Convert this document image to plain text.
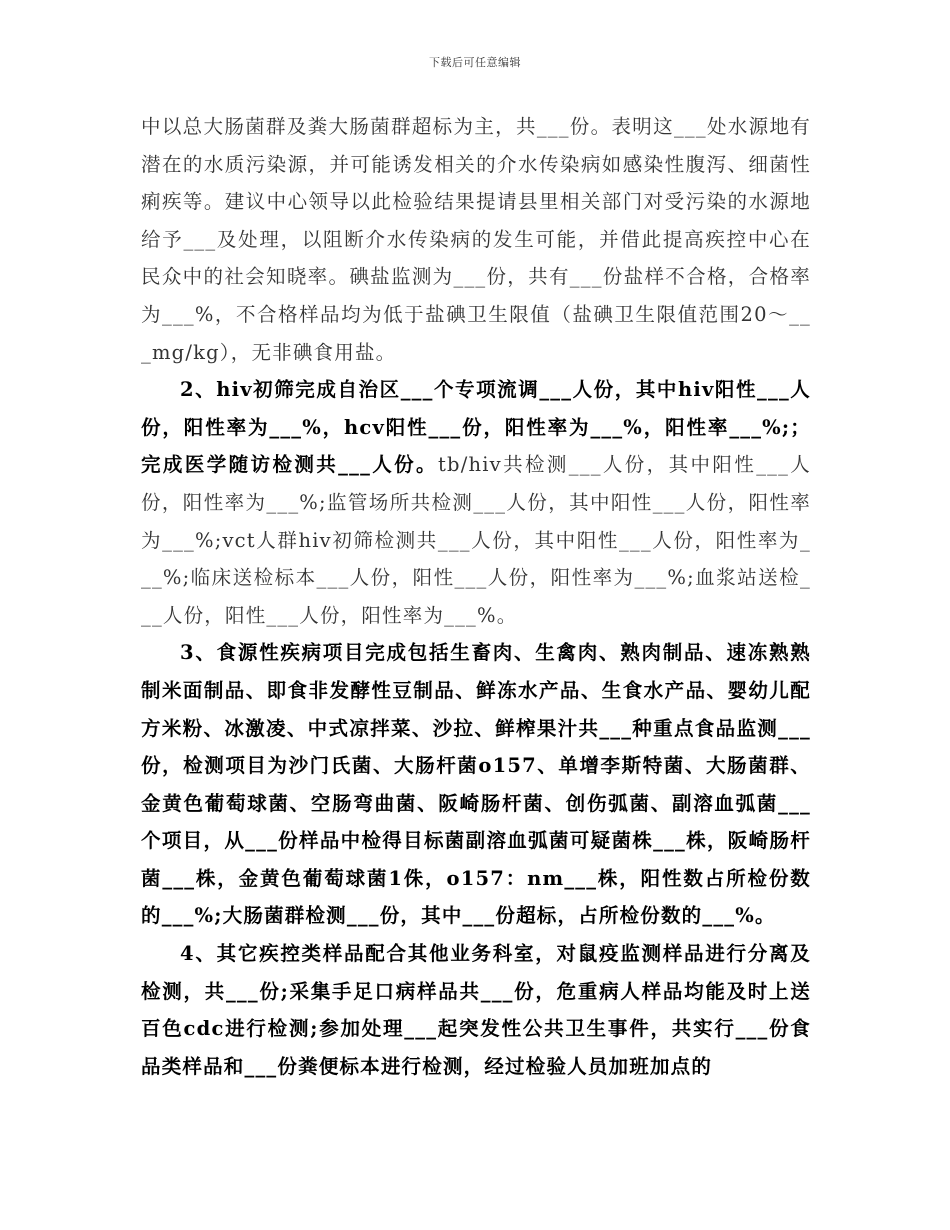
下载后可任意编辑

中以总大肠菌群及粪大肠菌群超标为主，共___份。表明这___处水源地有潜在的水质污染源，并可能诱发相关的介水传染病如感染性腹泻、细菌性痢疾等。建议中心领导以此检验结果提请县里相关部门对受污染的水源地给予___及处理，以阻断介水传染病的发生可能，并借此提高疾控中心在民众中的社会知晓率。碘盐监测为___份，共有___份盐样不合格，合格率为___%，不合格样品均为低于盐碘卫生限值（盐碘卫生限值范围20～___mg/kg），无非碘食用盐。

2、hiv初筛完成自治区___个专项流调___人份，其中hiv阳性___人份，阳性率为___%，hcv阳性___份，阳性率为___%，阳性率___%;；完成医学随访检测共___人份。tb/hiv共检测___人份，其中阳性___人份，阳性率为___%;监管场所共检测___人份，其中阳性___人份，阳性率为___%;vct人群hiv初筛检测共___人份，其中阳性___人份，阳性率为___%;临床送检标本___人份，阳性___人份，阳性率为___%;血浆站送检___人份，阳性___人份，阳性率为___%。

3、食源性疾病项目完成包括生畜肉、生禽肉、熟肉制品、速冻熟熟制米面制品、即食非发酵性豆制品、鲜冻水产品、生食水产品、婴幼儿配方米粉、冰激凌、中式凉拌菜、沙拉、鲜榨果汁共___种重点食品监测___份，检测项目为沙门氏菌、大肠杆菌o157、单增李斯特菌、大肠菌群、金黄色葡萄球菌、空肠弯曲菌、阪崎肠杆菌、创伤弧菌、副溶血弧菌___个项目，从___份样品中检得目标菌副溶血弧菌可疑菌株___株，阪崎肠杆菌___株，金黄色葡萄球菌1侏，o157：nm___株，阳性数占所检份数的___%;大肠菌群检测___份，其中___份超标，占所检份数的___%。

4、其它疾控类样品配合其他业务科室，对鼠疫监测样品进行分离及检测，共___份;采集手足口病样品共___份，危重病人样品均能及时上送百色cdc进行检测;参加处理___起突发性公共卫生事件，共实行___份食品类样品和___份粪便标本进行检测，经过检验人员加班加点的
